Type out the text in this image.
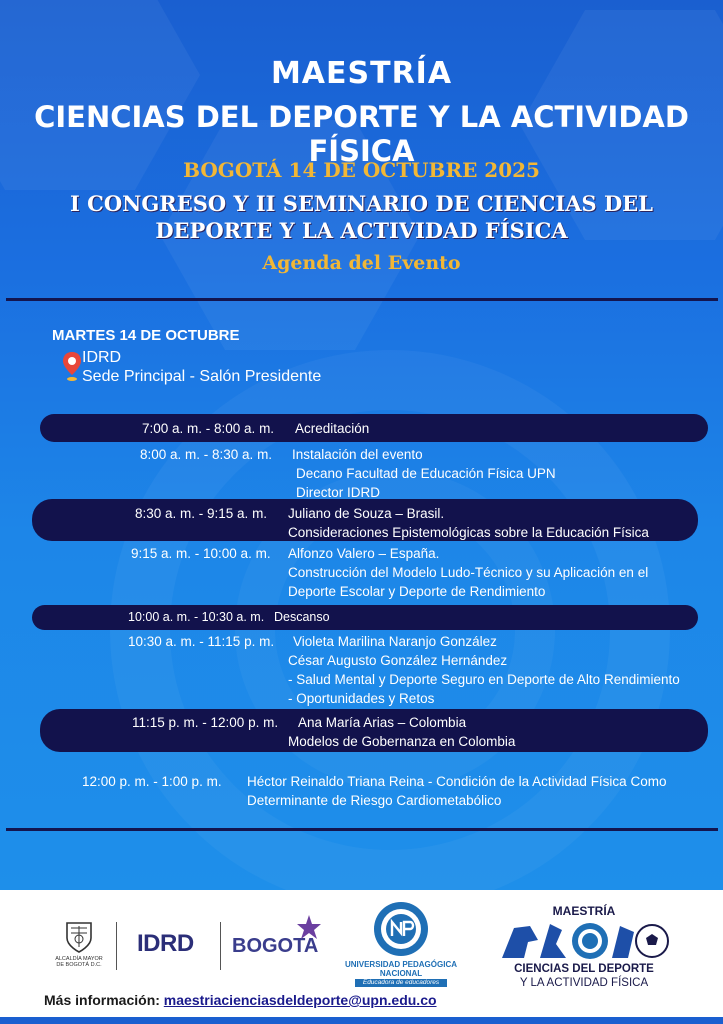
MAESTRÍA
CIENCIAS DEL DEPORTE Y LA ACTIVIDAD FÍSICA
BOGOTÁ 14 DE OCTUBRE 2025
I CONGRESO Y II SEMINARIO DE CIENCIAS DEL
DEPORTE Y LA ACTIVIDAD FÍSICA
Agenda del Evento
MARTES 14 DE OCTUBRE
IDRD
Sede Principal - Salón Presidente
7:00 a. m. - 8:00 a. m. Acreditación
8:00 a. m. - 8:30 a. m. Instalación del evento
Decano Facultad de Educación Física UPN
Director IDRD
8:30 a. m. - 9:15 a. m. Juliano de Souza – Brasil.
Consideraciones Epistemológicas sobre la Educación Física
9:15 a. m. - 10:00 a. m. Alfonzo Valero – España.
Construcción del Modelo Ludo-Técnico y su Aplicación en el
Deporte Escolar y Deporte de Rendimiento
10:00 a. m. - 10:30 a. m. Descanso
10:30 a. m. - 11:15 p. m.	Violeta Marilina Naranjo González
César Augusto González Hernández
- Salud Mental y Deporte Seguro en Deporte de Alto Rendimiento
- Oportunidades y Retos
11:15 p. m. - 12:00 p. m.	Ana María Arias – Colombia
Modelos de Gobernanza en Colombia
12:00 p. m. - 1:00 p. m. Héctor Reinaldo Triana Reina - Condición de la Actividad Física Como
Determinante de Riesgo Cardiometabólico
ALCALDÍA MAYOR
DE BOGOTÁ D.C.
IDRD BOGOTA
UNIVERSIDAD PEDAGÓGICA
NACIONAL
Educadora de educadores
MAESTRÍA
CIENCIAS DEL DEPORTE
Y LA ACTIVIDAD FÍSICA
Más información: maestriacienciasdeldeporte@upn.edu.co
